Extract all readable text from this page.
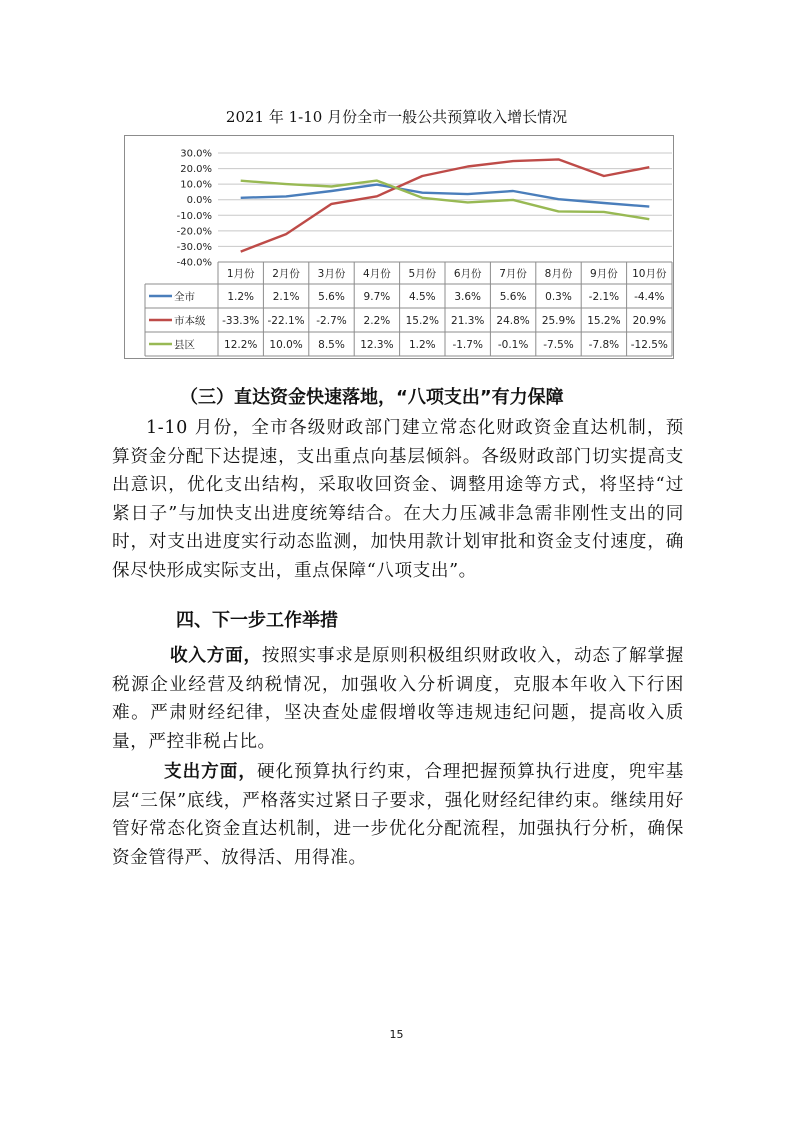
2021 年 1-10 月份全市一般公共预算收入增长情况
30.0%
20.0%
10.0%
0.0%
-10.0%
-20.0%
-30.0%
-40.0%
1月份 2月份 3月份 4月份 5月份 6月份 7月份 8月份 9月份 10月份
全市	1.2% 2.1% 5.6% 9.7% 4.5% 3.6% 5.6% 0.3% -2.1% -4.4%
市本级 -33.3% -22.1% -2.7% 2.2% 15.2% 21.3% 24.8% 25.9% 15.2% 20.9%
县区	12.2% 10.0% 8.5% 12.3% 1.2% -1.7% -0.1% -7.5% -7.8% -12.5%
（三）直达资金快速落地，“八项支出”有力保障
1-10 月份，全市各级财政部门建立常态化财政资金直达机制，预算资金分配下达提速，支出重点向基层倾斜。各级财政部门切实提高支出意识，优化支出结构，采取收回资金、调整用途等方式，将坚持“过紧日子”与加快支出进度统筹结合。在大力压减非急需非刚性支出的同时，对支出进度实行动态监测，加快用款计划审批和资金支付速度，确保尽快形成实际支出，重点保障“八项支出”。
四、下一步工作举措
收入方面，按照实事求是原则积极组织财政收入，动态了解掌握税源企业经营及纳税情况，加强收入分析调度，克服本年收入下行困难。严肃财经纪律，坚决查处虚假增收等违规违纪问题，提高收入质量，严控非税占比。
支出方面，硬化预算执行约束，合理把握预算执行进度，兜牢基层“三保”底线，严格落实过紧日子要求，强化财经纪律约束。继续用好管好常态化资金直达机制，进一步优化分配流程，加强执行分析，确保资金管得严、放得活、用得准。
15
